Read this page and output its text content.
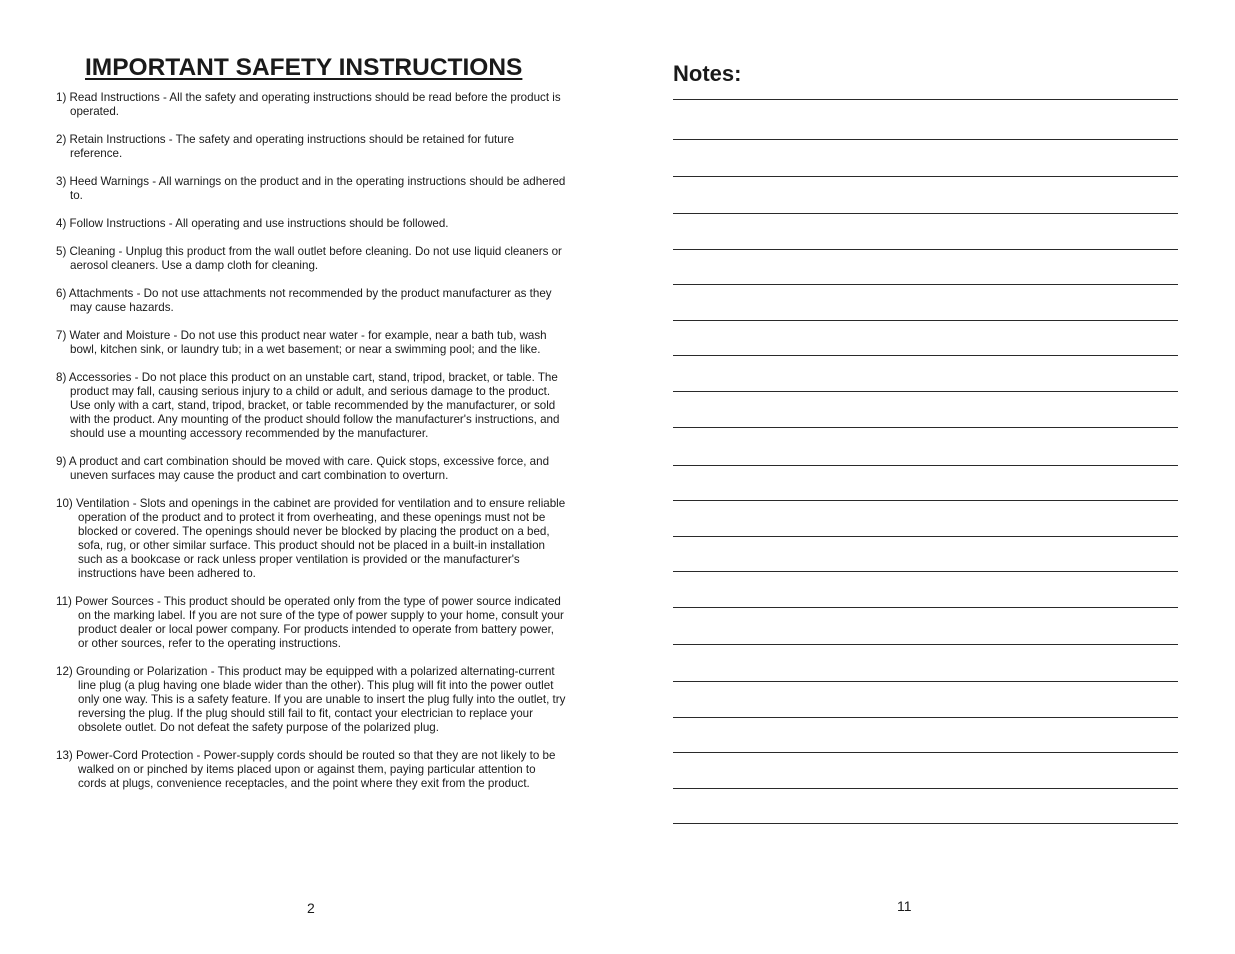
IMPORTANT SAFETY INSTRUCTIONS
1) Read Instructions - All the safety and operating instructions should be read before the product is operated.
2) Retain Instructions - The safety and operating instructions should be retained for future reference.
3) Heed Warnings - All warnings on the product and in the operating instructions should be adhered to.
4) Follow Instructions - All operating and use instructions should be followed.
5) Cleaning - Unplug this product from the wall outlet before cleaning. Do not use liquid cleaners or aerosol cleaners. Use a damp cloth for cleaning.
6) Attachments - Do not use attachments not recommended by the product manufacturer as they may cause hazards.
7) Water and Moisture - Do not use this product near water - for example, near a bath tub, wash bowl, kitchen sink, or laundry tub; in a wet basement; or near a swimming pool; and the like.
8) Accessories - Do not place this product on an unstable cart, stand, tripod, bracket, or table. The product may fall, causing serious injury to a child or adult, and serious damage to the product. Use only with a cart, stand, tripod, bracket, or table recommended by the manufacturer, or sold with the product. Any mounting of the product should follow the manufacturer's instructions, and should use a mounting accessory recommended by the manufacturer.
9) A product and cart combination should be moved with care. Quick stops, excessive force, and uneven surfaces may cause the product and cart combination to overturn.
10) Ventilation - Slots and openings in the cabinet are provided for ventilation and to ensure reliable operation of the product and to protect it from overheating, and these openings must not be blocked or covered. The openings should never be blocked by placing the product on a bed, sofa, rug, or other similar surface. This product should not be placed in a built-in installation such as a bookcase or rack unless proper ventilation is provided or the manufacturer's instructions have been adhered to.
11) Power Sources - This product should be operated only from the type of power source indicated on the marking label. If you are not sure of the type of power supply to your home, consult your product dealer or local power company. For products intended to operate from battery power, or other sources, refer to the operating instructions.
12) Grounding or Polarization - This product may be equipped with a polarized alternating-current line plug (a plug having one blade wider than the other). This plug will fit into the power outlet only one way. This is a safety feature. If you are unable to insert the plug fully into the outlet, try reversing the plug. If the plug should still fail to fit, contact your electrician to replace your obsolete outlet. Do not defeat the safety purpose of the polarized plug.
13) Power-Cord Protection - Power-supply cords should be routed so that they are not likely to be walked on or pinched by items placed upon or against them, paying particular attention to cords at plugs, convenience receptacles, and the point where they exit from the product.
2
Notes:
11
